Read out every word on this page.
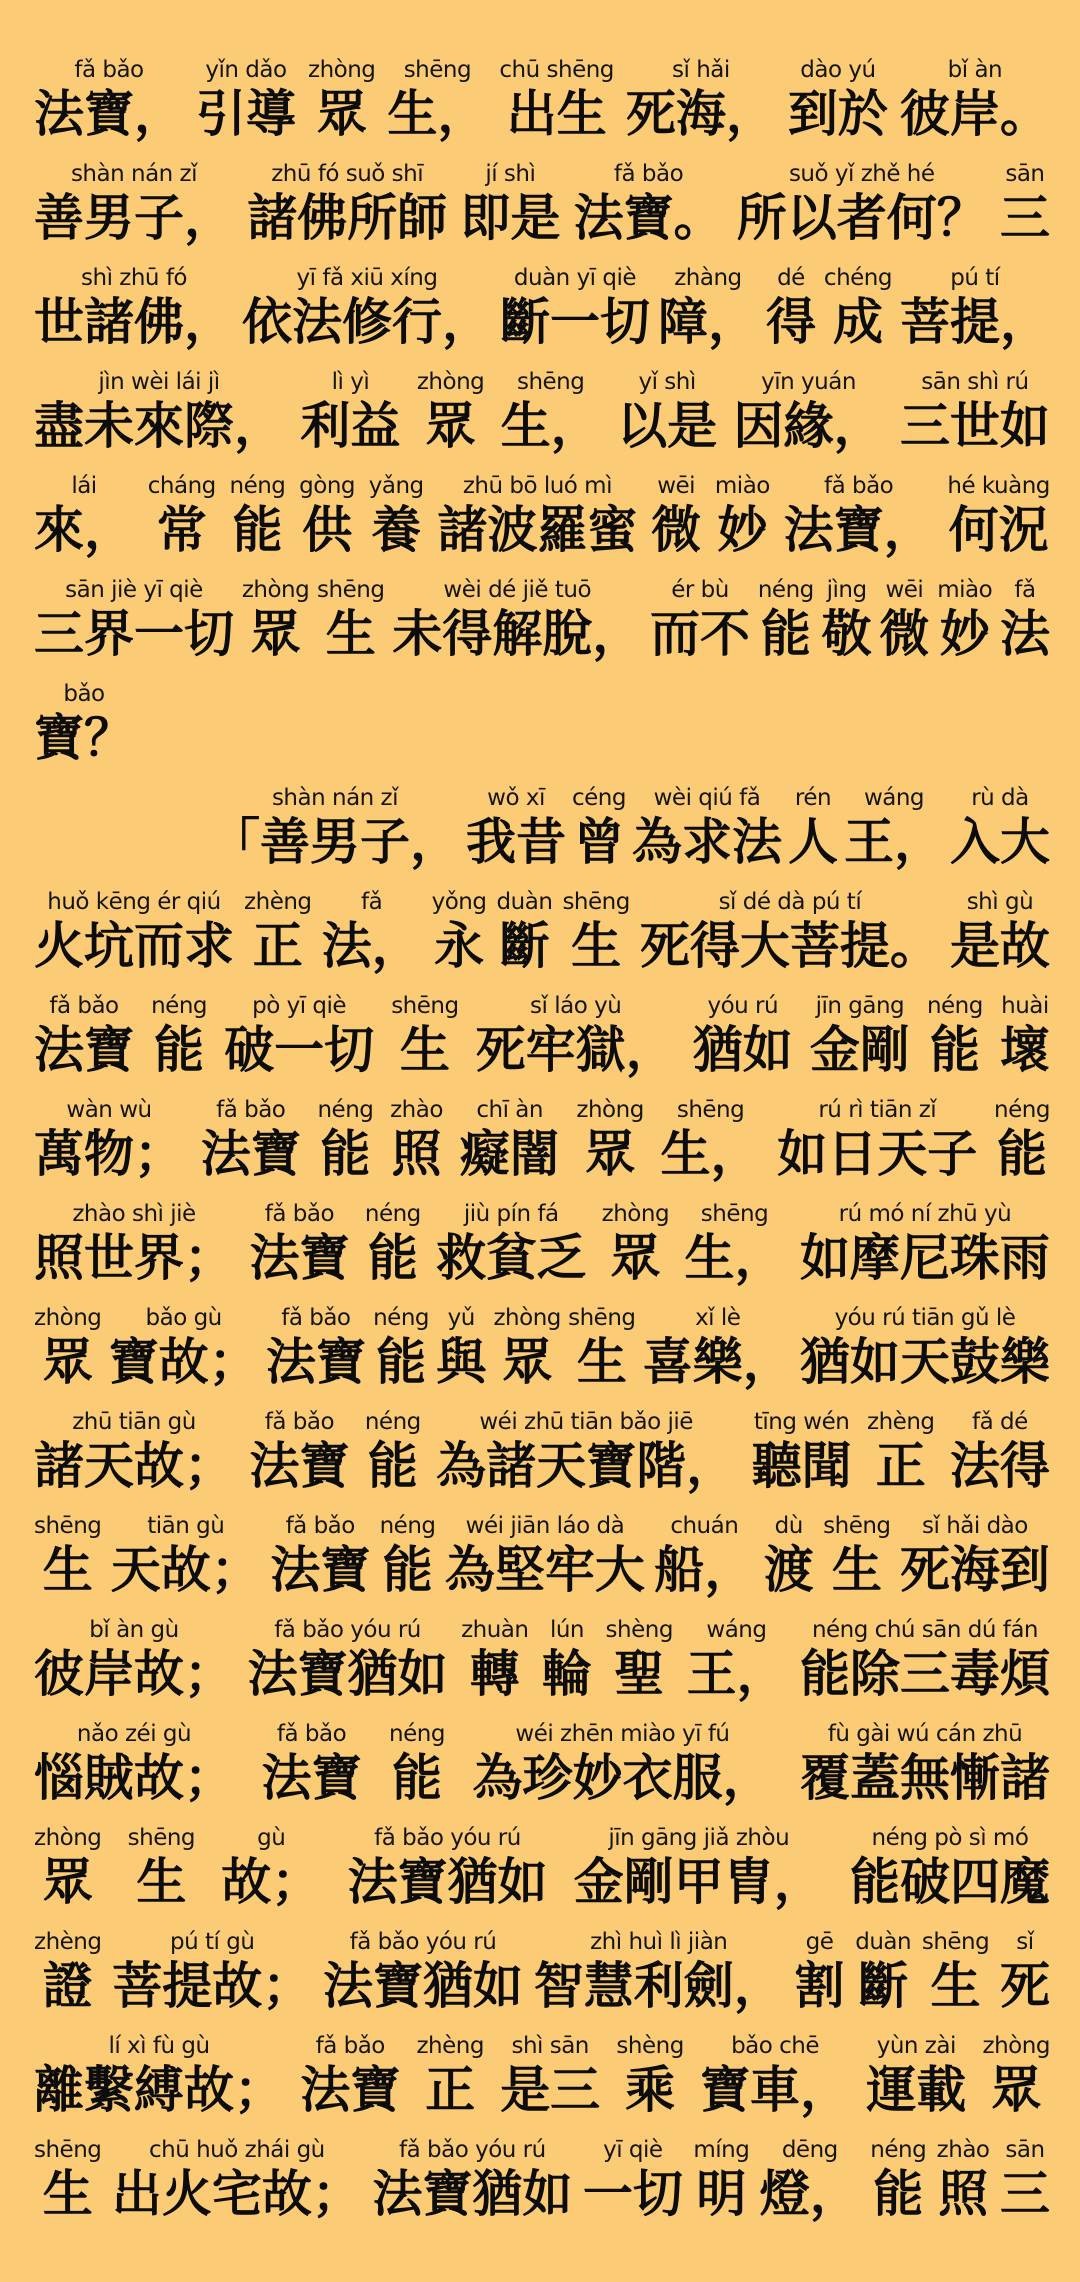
fǎ bǎo
法寶，
yǐn dǎo
引導
zhòng
眾
shēng
生，
chū shēng
出生
sǐ hǎi
死海，
dào yú
到於
bǐ àn
彼岸。
shàn nán zǐ
善男子，
zhū fó suǒ shī
諸佛所師
jí shì
即是
fǎ bǎo
法寶。
suǒ yǐ zhě hé
所以者何？
sān
三
shì zhū fó
世諸佛，
yī fǎ xiū xíng
依法修行，
duàn yī qiè
斷一切
zhàng
障，
dé
得
chéng
成
pú tí
菩提，
jìn wèi lái jì
盡未來際，
lì yì
利益
zhòng
眾
shēng
生，
yǐ shì
以是
yīn yuán
因緣，
sān shì rú
三世如
lái
來，
cháng
常
néng
能
gòng
供
yǎng
養
zhū bō luó mì
諸波羅蜜
wēi
微
miào
妙
fǎ bǎo
法寶，
hé kuàng
何況
sān jiè yī qiè
三界一切
zhòng
眾
shēng
生
wèi dé jiě tuō
未得解脫，
ér bù
而不
néng
能
jìng
敬
wēi
微
miào
妙
fǎ
法
bǎo
寶？
shàn nán zǐ
「善男子，
wǒ xī
我昔
céng
曾
wèi qiú fǎ
為求法
rén
人
wáng
王，
rù dà
入大
huǒ kēng ér qiú
火坑而求
zhèng
正
fǎ
法，
yǒng
永
duàn
斷
shēng
生
sǐ dé dà pú tí
死得大菩提。
shì gù
是故
fǎ bǎo
法寶
néng
能
pò yī qiè
破一切
shēng
生
sǐ láo yù
死牢獄，
yóu rú
猶如
jīn gāng
金剛
néng
能
huài
壞
wàn wù
萬物；
fǎ bǎo
法寶
néng
能
zhào
照
chī àn
癡闇
zhòng
眾
shēng
生，
rú rì tiān zǐ
如日天子
néng
能
zhào shì jiè
照世界；
fǎ bǎo
法寶
néng
能
jiù pín fá
救貧乏
zhòng
眾
shēng
生，
rú mó ní zhū yù
如摩尼珠雨
zhòng
眾
bǎo gù
寶故；
fǎ bǎo
法寶
néng
能
yǔ
與
zhòng
眾
shēng
生
xǐ lè
喜樂，
yóu rú tiān gǔ lè
猶如天鼓樂
zhū tiān gù
諸天故；
fǎ bǎo
法寶
néng
能
wéi zhū tiān bǎo jiē
為諸天寶階，
tīng wén
聽聞
zhèng
正
fǎ dé
法得
shēng
生
tiān gù
天故；
fǎ bǎo
法寶
néng
能
wéi jiān láo dà
為堅牢大
chuán
船，
dù
渡
shēng
生
sǐ hǎi dào
死海到
bǐ àn gù
彼岸故；
fǎ bǎo yóu rú
法寶猶如
zhuàn
轉
lún
輪
shèng
聖
wáng
王，
néng chú sān dú fán
能除三毒煩
nǎo zéi gù
惱賊故；
fǎ bǎo
法寶
néng
能
wéi zhēn miào yī fú
為珍妙衣服，
fù gài wú cán zhū
覆蓋無慚諸
zhòng
眾
shēng
生
gù
故；
fǎ bǎo yóu rú
法寶猶如
jīn gāng jiǎ zhòu
金剛甲胄，
néng pò sì mó
能破四魔
zhèng
證
pú tí gù
菩提故；
fǎ bǎo yóu rú
法寶猶如
zhì huì lì jiàn
智慧利劍，
gē
割
duàn
斷
shēng
生
sǐ
死
lí xì fù gù
離繫縛故；
fǎ bǎo
法寶
zhèng
正
shì sān
是三
shèng
乘
bǎo chē
寶車，
yùn zài
運載
zhòng
眾
shēng
生
chū huǒ zhái gù
出火宅故；
fǎ bǎo yóu rú
法寶猶如
yī qiè
一切
míng
明
dēng
燈，
néng
能
zhào
照
sān
三
